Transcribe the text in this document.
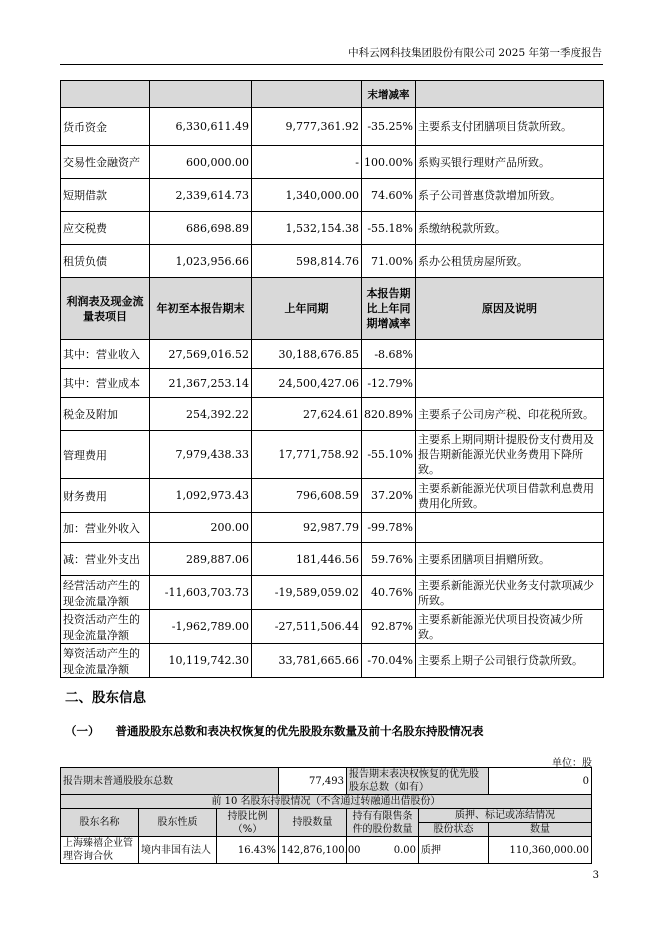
中科云网科技集团股份有限公司 2025 年第一季度报告
			末增减率	
货币资金	6,330,611.49	9,777,361.92	-35.25%	主要系支付团膳项目货款所致。
交易性金融资产	600,000.00	-	100.00%	系购买银行理财产品所致。
短期借款	2,339,614.73	1,340,000.00	74.60%	系子公司普惠贷款增加所致。
应交税费	686,698.89	1,532,154.38	-55.18%	系缴纳税款所致。
租赁负债	1,023,956.66	598,814.76	71.00%	系办公租赁房屋所致。
利润表及现金流量表项目	年初至本报告期末	上年同期	本报告期比上年同期增减率	原因及说明
其中：营业收入	27,569,016.52	30,188,676.85	-8.68%	
其中：营业成本	21,367,253.14	24,500,427.06	-12.79%	
税金及附加	254,392.22	27,624.61	820.89%	主要系子公司房产税、印花税所致。
管理费用	7,979,438.33	17,771,758.92	-55.10%	主要系上期同期计提股份支付费用及报告期新能源光伏业务费用下降所致。
财务费用	1,092,973.43	796,608.59	37.20%	主要系新能源光伏项目借款利息费用费用化所致。
加：营业外收入	200.00	92,987.79	-99.78%	
减：营业外支出	289,887.06	181,446.56	59.76%	主要系团膳项目捐赠所致。
经营活动产生的现金流量净额	-11,603,703.73	-19,589,059.02	40.76%	主要系新能源光伏业务支付款项减少所致。
投资活动产生的现金流量净额	-1,962,789.00	-27,511,506.44	92.87%	主要系新能源光伏项目投资减少所致。
筹资活动产生的现金流量净额	10,119,742.30	33,781,665.66	-70.04%	主要系上期子公司银行贷款所致。
二、股东信息
（一） 普通股股东总数和表决权恢复的优先股股东数量及前十名股东持股情况表
单位：股
报告期末普通股股东总数			77,493	报告期末表决权恢复的优先股股东总数（如有）		0
前 10 名股东持股情况（不含通过转融通出借股份）						
股东名称	股东性质	持股比例（%）	持股数量	持有有限售条件的股份数量	质押、标记或冻结情况	
					股份状态	数量
上海臻禧企业管理咨询合伙	境内非国有法人	16.43%	142,876,100.00	0.00	质押	110,360,000.00
3
